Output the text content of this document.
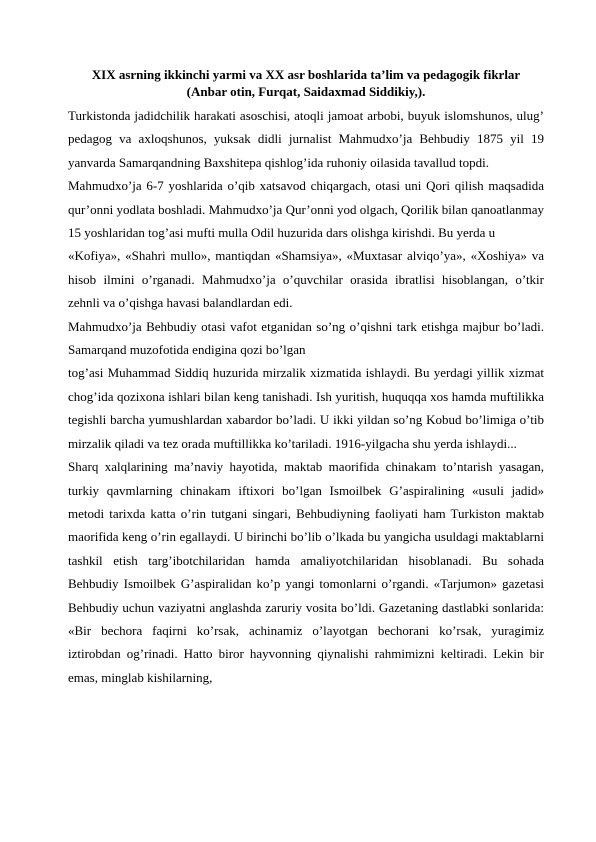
XIX asrning ikkinchi yarmi va XX asr boshlarida ta’lim va pedagogik fikrlar
(Anbar otin, Furqat, Saidaxmad Siddikiy,).

Turkistonda jadidchilik harakati asoschisi, atoqli jamoat arbobi, buyuk islomshunos, ulug’ pedagog va axloqshunos, yuksak didli jurnalist Mahmudxo’ja Behbudiy 1875 yil 19 yanvarda Samarqandning Baxshitepa qishlog’ida ruhoniy oilasida tavallud topdi.

Mahmudxo’ja 6-7 yoshlarida o’qib xatsavod chiqargach, otasi uni Qori qilish maqsadida qur’onni yodlata boshladi. Mahmudxo’ja Qur’onni yod olgach, Qorilik bilan qanoatlanmay 15 yoshlaridan tog’asi mufti mulla Odil huzurida dars olishga kirishdi. Bu yerda u

«Kofiya», «Shahri mullo», mantiqdan «Shamsiya», «Muxtasar alviqo’ya», «Xoshiya» va hisob ilmini o’rganadi. Mahmudxo’ja o’quvchilar orasida ibratlisi hisoblangan, o’tkir zehnli va o’qishga havasi balandlardan edi.

Mahmudxo’ja Behbudiy otasi vafot etganidan so’ng o’qishni tark etishga majbur bo’ladi. Samarqand muzofotida endigina qozi bo’lgan

tog’asi Muhammad Siddiq huzurida mirzalik xizmatida ishlaydi. Bu yerdagi yillik xizmat chog’ida qozixona ishlari bilan keng tanishadi. Ish yuritish, huquqqa xos hamda muftilikka tegishli barcha yumushlardan xabardor bo’ladi. U ikki yildan so’ng Kobud bo’limiga o’tib mirzalik qiladi va tez orada muftillikka ko’tariladi. 1916-yilgacha shu yerda ishlaydi...

Sharq xalqlarining ma’naviy hayotida, maktab maorifida chinakam to’ntarish yasagan, turkiy qavmlarning chinakam iftixori bo’lgan Ismoilbek G’aspiralining «usuli jadid» metodi tarixda katta o’rin tutgani singari, Behbudiyning faoliyati ham Turkiston maktab maorifida keng o’rin egallaydi. U birinchi bo’lib o’lkada bu yangicha usuldagi maktablarni tashkil etish targ’ibotchilaridan hamda amaliyotchilaridan hisoblanadi. Bu sohada Behbudiy Ismoilbek G’aspiralidan ko’p yangi tomonlarni o’rgandi. «Tarjumon» gazetasi Behbudiy uchun vaziyatni anglashda zaruriy vosita bo’ldi. Gazetaning dastlabki sonlarida: «Bir bechora faqirni ko’rsak, achinamiz o’layotgan bechorani ko’rsak, yuragimiz iztirobdan og’rinadi. Hatto biror hayvonning qiynalishi rahmimizni keltiradi. Lekin bir emas, minglab kishilarning,
